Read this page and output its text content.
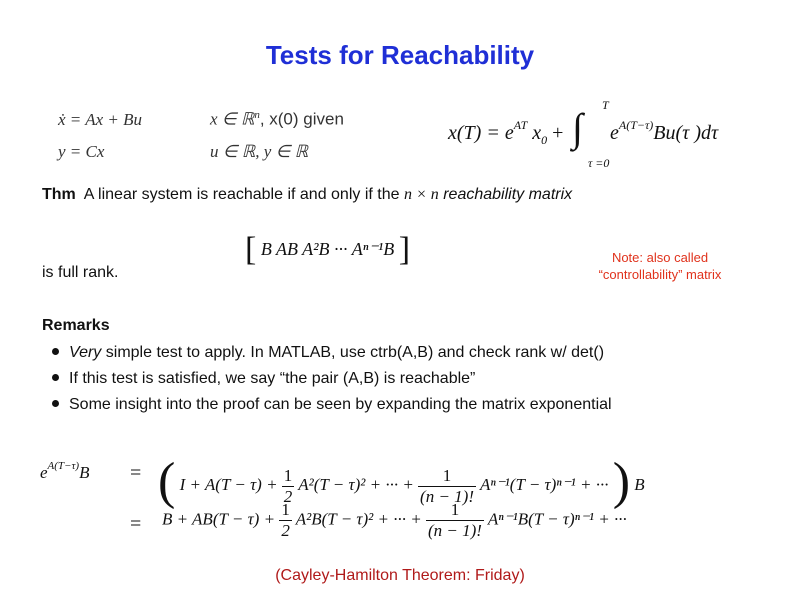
Tests for Reachability
ẋ = Ax + Bu	x ∈ ℝ$^n$, x(0) given
y = Cx	u ∈ ℝ, y ∈ ℝ
$x(T) = e^{AT}$ $x_0$ + ∫ T
τ =0
$e^{A(T-\tau)}Bu(\tau$ )dτ
Thm A linear system is reachable if and only if the n × n reachability matrix
[ B AB A²B ··· Aⁿ⁻¹B ]	Note: also called
“controllability” matrix
is full rank.
Remarks
Very simple test to apply. In MATLAB, use ctrb(A,B) and check rank w/ det()
If this test is satisfied, we say “the pair (A,B) is reachable”
Some insight into the proof can be seen by expanding the matrix exponential
$e^{A(T-\tau)}B$ = ( $I + A(T - \tau) + \frac{1}{2} A^2(T - \tau)^2$ + ··· + $\frac{1}{(n - 1)!} A^{n-1}(T - \tau)^{n-1}$ + ··· ) B
= $B + AB(T - \tau) + \frac{1}{2} A^2B(T - \tau)^2$ + ··· + $\frac{1}{(n - 1)!} A^{n-1}B(T - \tau)^{n-1}$ + ···
(Cayley-Hamilton Theorem: Friday)
